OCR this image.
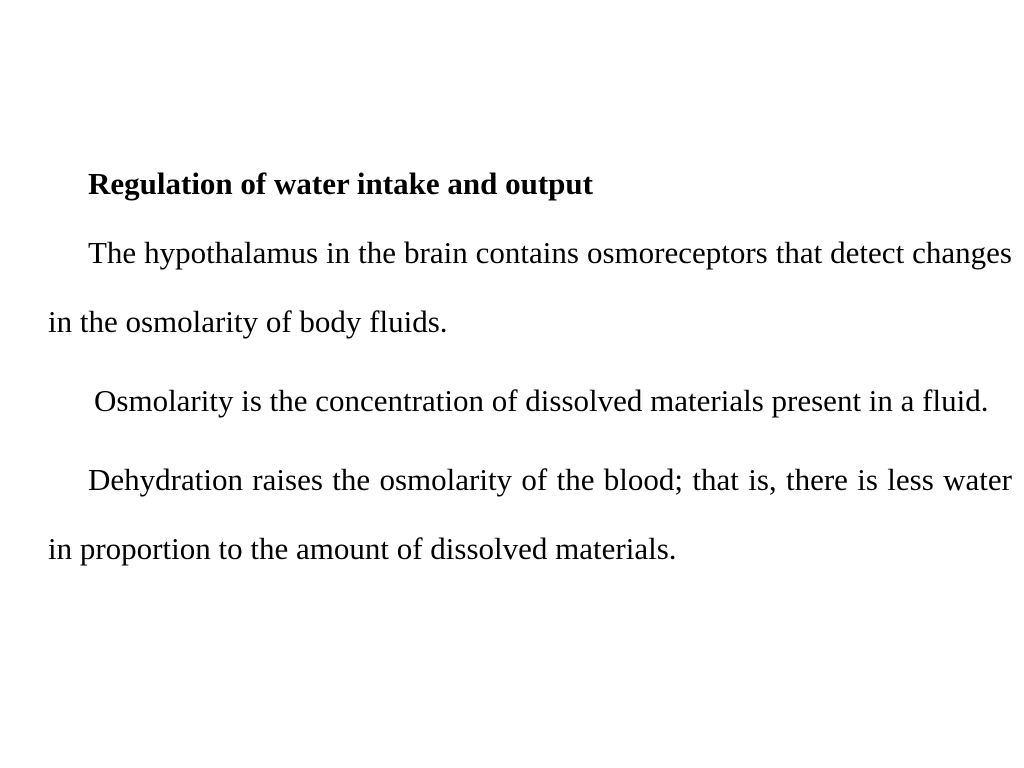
Regulation of water intake and output

The hypothalamus in the brain contains osmoreceptors that detect changes in the osmolarity of body fluids.

Osmolarity is the concentration of dissolved materials present in a fluid.

Dehydration raises the osmolarity of the blood; that is, there is less water in proportion to the amount of dissolved materials.
